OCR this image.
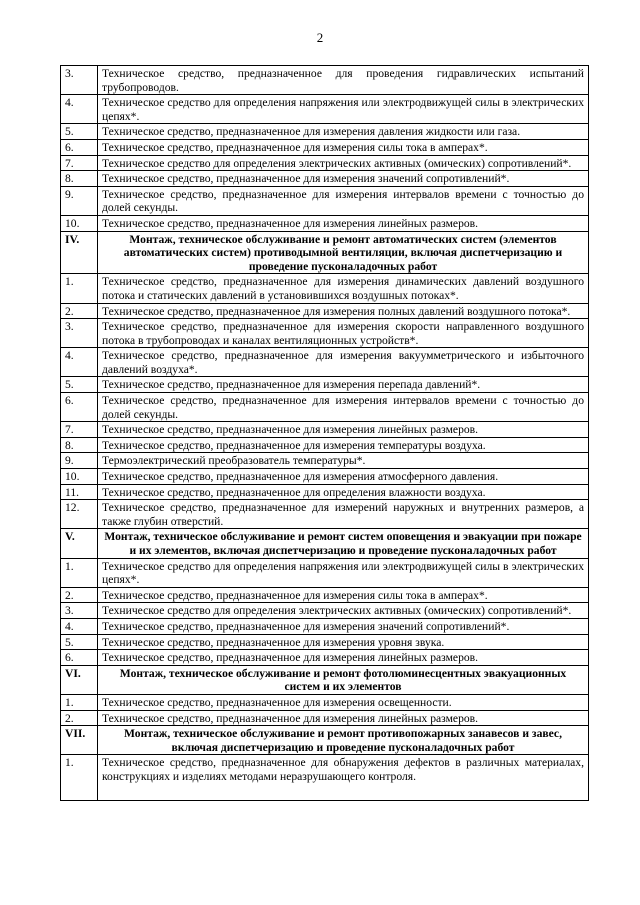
2
3.	Техническое средство, предназначенное для проведения гидравлических испытаний трубопроводов.
4.	Техническое средство для определения напряжения или электродвижущей силы в электрических цепях*.
5.	Техническое средство, предназначенное для измерения давления жидкости или газа.
6.	Техническое средство, предназначенное для измерения силы тока в амперах*.
7.	Техническое средство для определения электрических активных (омических) сопротивлений*.
8.	Техническое средство, предназначенное для измерения значений сопротивлений*.
9.	Техническое средство, предназначенное для измерения интервалов времени с точностью до долей секунды.
10.	Техническое средство, предназначенное для измерения линейных размеров.
IV.	Монтаж, техническое обслуживание и ремонт автоматических систем (элементов автоматических систем) противодымной вентиляции, включая диспетчеризацию и проведение пусконаладочных работ
1.	Техническое средство, предназначенное для измерения динамических давлений воздушного потока и статических давлений в установившихся воздушных потоках*.
2.	Техническое средство, предназначенное для измерения полных давлений воздушного потока*.
3.	Техническое средство, предназначенное для измерения скорости направленного воздушного потока в трубопроводах и каналах вентиляционных устройств*.
4.	Техническое средство, предназначенное для измерения вакуумметрического и избыточного давлений воздуха*.
5.	Техническое средство, предназначенное для измерения перепада давлений*.
6.	Техническое средство, предназначенное для измерения интервалов времени с точностью до долей секунды.
7.	Техническое средство, предназначенное для измерения линейных размеров.
8.	Техническое средство, предназначенное для измерения температуры воздуха.
9.	Термоэлектрический преобразователь температуры*.
10.	Техническое средство, предназначенное для измерения атмосферного давления.
11.	Техническое средство, предназначенное для определения влажности воздуха.
12.	Техническое средство, предназначенное для измерений наружных и внутренних размеров, а также глубин отверстий.
V.	Монтаж, техническое обслуживание и ремонт систем оповещения и эвакуации при пожаре и их элементов, включая диспетчеризацию и проведение пусконаладочных работ
1.	Техническое средство для определения напряжения или электродвижущей силы в электрических цепях*.
2.	Техническое средство, предназначенное для измерения силы тока в амперах*.
3.	Техническое средство для определения электрических активных (омических) сопротивлений*.
4.	Техническое средство, предназначенное для измерения значений сопротивлений*.
5.	Техническое средство, предназначенное для измерения уровня звука.
6.	Техническое средство, предназначенное для измерения линейных размеров.
VI.	Монтаж, техническое обслуживание и ремонт фотолюминесцентных эвакуационных систем и их элементов
1.	Техническое средство, предназначенное для измерения освещенности.
2.	Техническое средство, предназначенное для измерения линейных размеров.
VII.	Монтаж, техническое обслуживание и ремонт противопожарных занавесов и завес, включая диспетчеризацию и проведение пусконаладочных работ
1.	Техническое средство, предназначенное для обнаружения дефектов в различных материалах, конструкциях и изделиях методами неразрушающего контроля.
